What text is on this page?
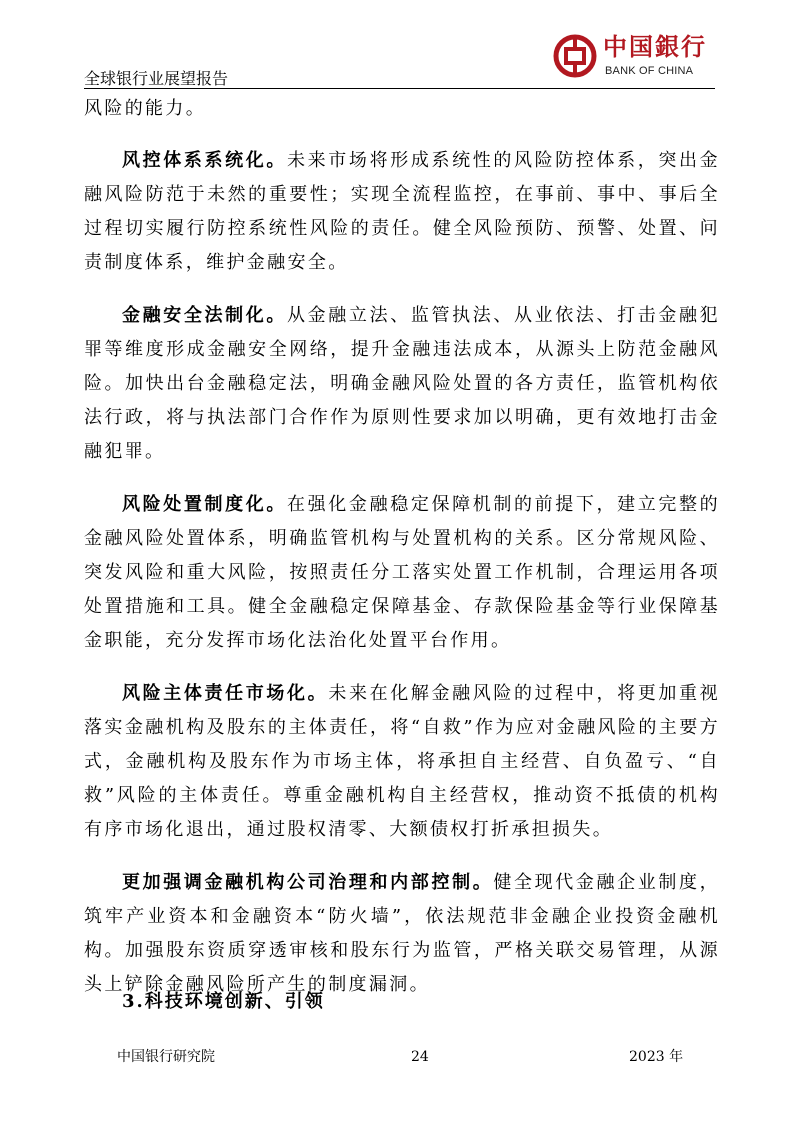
全球银行业展望报告
中国銀行
BANK OF CHINA

风险的能力。

风控体系系统化。未来市场将形成系统性的风险防控体系，突出金融风险防范于未然的重要性；实现全流程监控，在事前、事中、事后全过程切实履行防控系统性风险的责任。健全风险预防、预警、处置、问责制度体系，维护金融安全。

金融安全法制化。从金融立法、监管执法、从业依法、打击金融犯罪等维度形成金融安全网络，提升金融违法成本，从源头上防范金融风险。加快出台金融稳定法，明确金融风险处置的各方责任，监管机构依法行政，将与执法部门合作作为原则性要求加以明确，更有效地打击金融犯罪。

风险处置制度化。在强化金融稳定保障机制的前提下，建立完整的金融风险处置体系，明确监管机构与处置机构的关系。区分常规风险、突发风险和重大风险，按照责任分工落实处置工作机制，合理运用各项处置措施和工具。健全金融稳定保障基金、存款保险基金等行业保障基金职能，充分发挥市场化法治化处置平台作用。

风险主体责任市场化。未来在化解金融风险的过程中，将更加重视落实金融机构及股东的主体责任，将“自救”作为应对金融风险的主要方式，金融机构及股东作为市场主体，将承担自主经营、自负盈亏、“自救”风险的主体责任。尊重金融机构自主经营权，推动资不抵债的机构有序市场化退出，通过股权清零、大额债权打折承担损失。

更加强调金融机构公司治理和内部控制。健全现代金融企业制度，筑牢产业资本和金融资本“防火墙”，依法规范非金融企业投资金融机构。加强股东资质穿透审核和股东行为监管，严格关联交易管理，从源头上铲除金融风险所产生的制度漏洞。

3.科技环境创新、引领
中国银行研究院	24	2023 年
